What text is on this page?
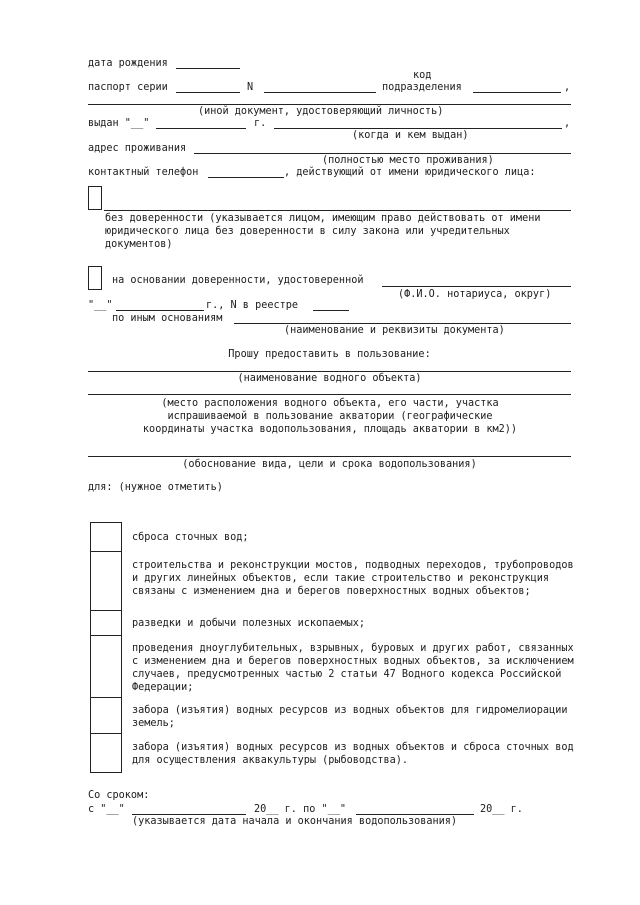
дата рождения
код
паспорт серии	N	подразделения	,
(иной документ, удостоверяющий личность)
выдан "__"	г.	,
(когда и кем выдан)
адрес проживания
(полностью место проживания)
контактный телефон	, действующий от имени юридического лица:
без доверенности (указывается лицом, имеющим право действовать от имени юридического лица без доверенности в силу закона или учредительных документов)
на основании доверенности, удостоверенной
(Ф.И.О. нотариуса, округ)
"__"	г., N в реестре
по иным основаниям
(наименование и реквизиты документа)
Прошу предоставить в пользование:
(наименование водного объекта)
(место расположения водного объекта, его части, участка испрашиваемой в пользование акватории (географические координаты участка водопользования, площадь акватории в км2))
(обоснование вида, цели и срока водопользования)
для: (нужное отметить)
сброса сточных вод;
строительства и реконструкции мостов, подводных переходов, трубопроводов и других линейных объектов, если такие строительство и реконструкция связаны с изменением дна и берегов поверхностных водных объектов;
разведки и добычи полезных ископаемых;
проведения дноуглубительных, взрывных, буровых и других работ, связанных с изменением дна и берегов поверхностных водных объектов, за исключением случаев, предусмотренных частью 2 статьи 47 Водного кодекса Российской Федерации;
забора (изъятия) водных ресурсов из водных объектов для гидромелиорации земель;
забора (изъятия) водных ресурсов из водных объектов и сброса сточных вод для осуществления аквакультуры (рыбоводства).
Со сроком:
с "__"	20__ г. по "__"	20__ г.
(указывается дата начала и окончания водопользования)
